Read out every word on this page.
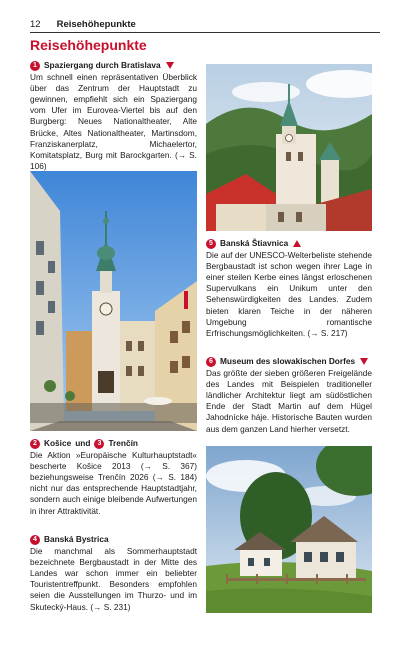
12 Reisehöhepunkte
Reisehöhepunkte
1 Spaziergang durch Bratislava

Um schnell einen repräsentativen Überblick über das Zentrum der Hauptstadt zu gewinnen, empfiehlt sich ein Spaziergang vom Ufer im Eurovea-Viertel bis auf den Burgberg: Neues Nationaltheater, Alte Brücke, Altes Nationaltheater, Martinsdom, Franziskanerplatz, Michaelertor, Komitatsplatz, Burg mit Barockgarten. (→ S. 106)

2 Košice und	3 Trenčín

Die Aktion »Europäische Kulturhauptstadt« bescherte Košice 2013 (→ S. 367) beziehungsweise Trenčín 2026 (→ S. 184) nicht nur das entsprechende Hauptstadtjahr, sondern auch einige bleibende Aufwertungen in ihrer Attraktivität.

4 Banská Bystrica

Die manchmal als Sommerhauptstadt bezeichnete Bergbaustadt in der Mitte des Landes war schon immer ein beliebter Touristentreffpunkt. Besonders empfohlen seien die Ausstellungen im Thurzo- und im Skutecký-Haus. (→ S. 231)

5 Banská Štiavnica

Die auf der UNESCO-Welterbeliste stehende Bergbaustadt ist schon wegen ihrer Lage in einer steilen Kerbe eines längst erloschenen Supervulkans ein Unikum unter den Sehenswürdigkeiten des Landes. Zudem bieten klaren Teiche in der näheren Umgebung romantische Erfrischungsmöglichkeiten. (→ S. 217)

6 Museum des slowakischen Dorfes

Das größte der sieben größeren Freigelände des Landes mit Beispielen traditioneller ländlicher Architektur liegt am südöstlichen Ende der Stadt Martin auf dem Hügel Jahodnícke háje. Historische Bauten wurden aus dem ganzen Land hierher versetzt.
